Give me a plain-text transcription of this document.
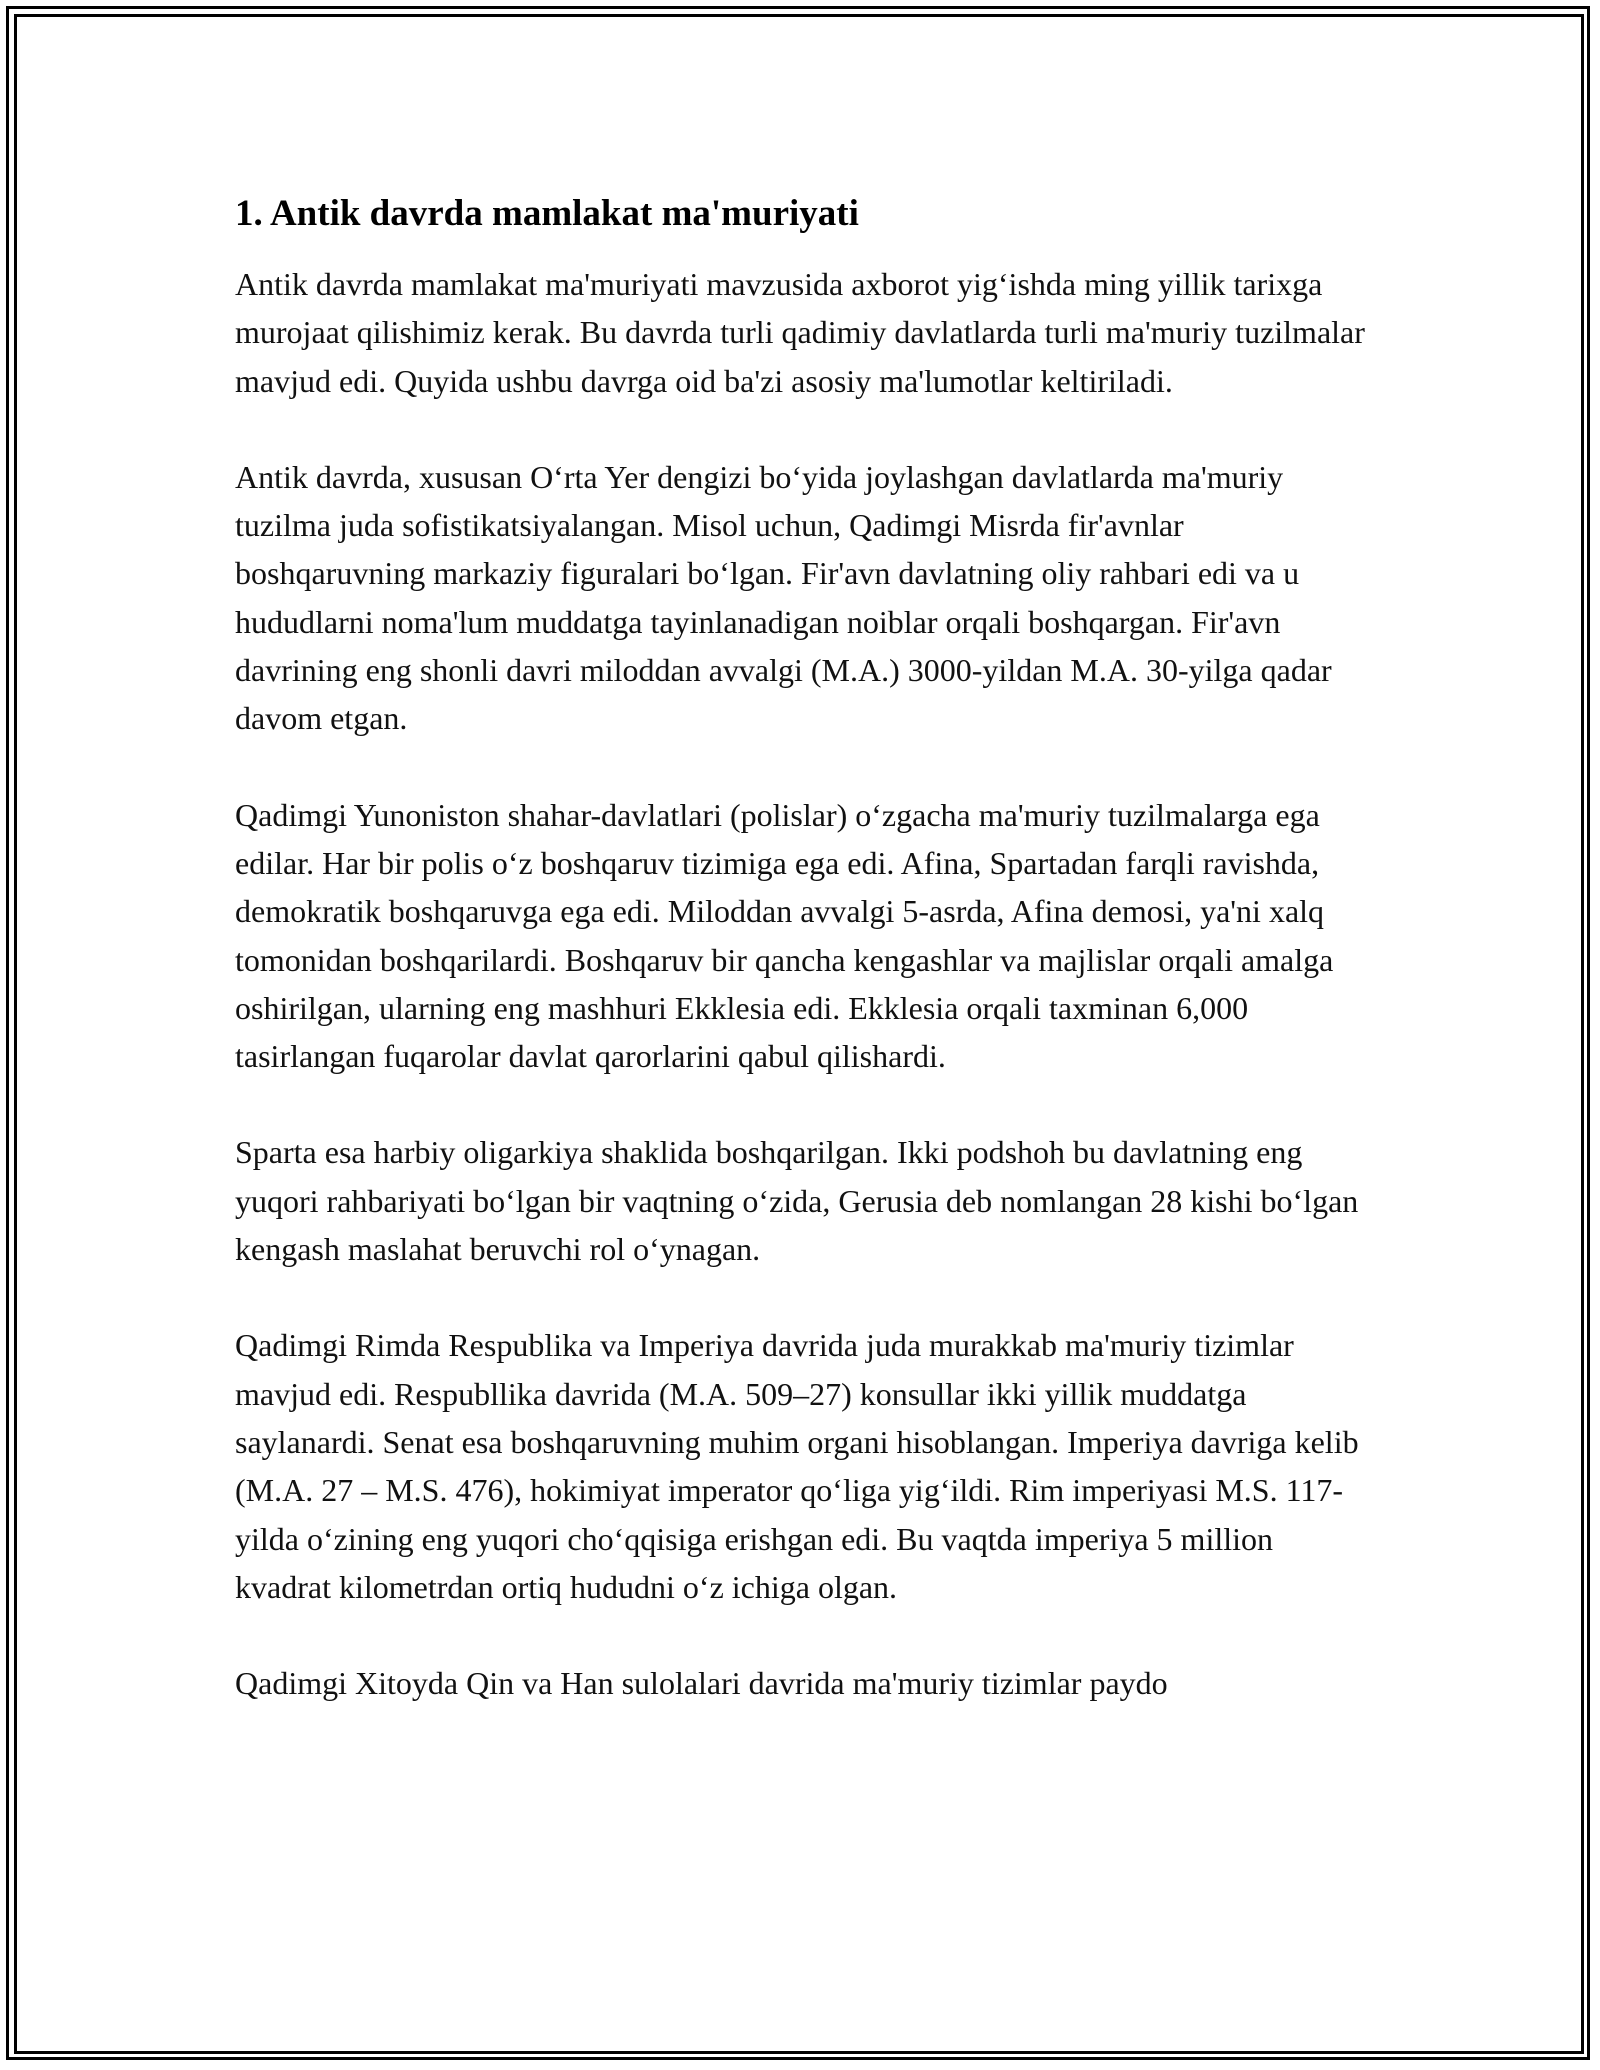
1. Antik davrda mamlakat ma'muriyati

Antik davrda mamlakat ma'muriyati mavzusida axborot yig‘ishda ming yillik tarixga murojaat qilishimiz kerak. Bu davrda turli qadimiy davlatlarda turli ma'muriy tuzilmalar mavjud edi. Quyida ushbu davrga oid ba'zi asosiy ma'lumotlar keltiriladi.

Antik davrda, xususan O‘rta Yer dengizi bo‘yida joylashgan davlatlarda ma'muriy tuzilma juda sofistikatsiyalangan. Misol uchun, Qadimgi Misrda fir'avnlar boshqaruvning markaziy figuralari bo‘lgan. Fir'avn davlatning oliy rahbari edi va u hududlarni noma'lum muddatga tayinlanadigan noiblar orqali boshqargan. Fir'avn davrining eng shonli davri miloddan avvalgi (M.A.) 3000-yildan M.A. 30-yilga qadar davom etgan.

Qadimgi Yunoniston shahar-davlatlari (polislar) o‘zgacha ma'muriy tuzilmalarga ega edilar. Har bir polis o‘z boshqaruv tizimiga ega edi. Afina, Spartadan farqli ravishda, demokratik boshqaruvga ega edi. Miloddan avvalgi 5-asrda, Afina demosi, ya'ni xalq tomonidan boshqarilardi. Boshqaruv bir qancha kengashlar va majlislar orqali amalga oshirilgan, ularning eng mashhuri Ekklesia edi. Ekklesia orqali taxminan 6,000 tasirlangan fuqarolar davlat qarorlarini qabul qilishardi.

Sparta esa harbiy oligarkiya shaklida boshqarilgan. Ikki podshoh bu davlatning eng yuqori rahbariyati bo‘lgan bir vaqtning o‘zida, Gerusia deb nomlangan 28 kishi bo‘lgan kengash maslahat beruvchi rol o‘ynagan.

Qadimgi Rimda Respublika va Imperiya davrida juda murakkab ma'muriy tizimlar mavjud edi. Respubllika davrida (M.A. 509–27) konsullar ikki yillik muddatga saylanardi. Senat esa boshqaruvning muhim organi hisoblangan. Imperiya davriga kelib (M.A. 27 – M.S. 476), hokimiyat imperator qo‘liga yig‘ildi. Rim imperiyasi M.S. 117-yilda o‘zining eng yuqori cho‘qqisiga erishgan edi. Bu vaqtda imperiya 5 million kvadrat kilometrdan ortiq hududni o‘z ichiga olgan.

Qadimgi Xitoyda Qin va Han sulolalari davrida ma'muriy tizimlar paydo
